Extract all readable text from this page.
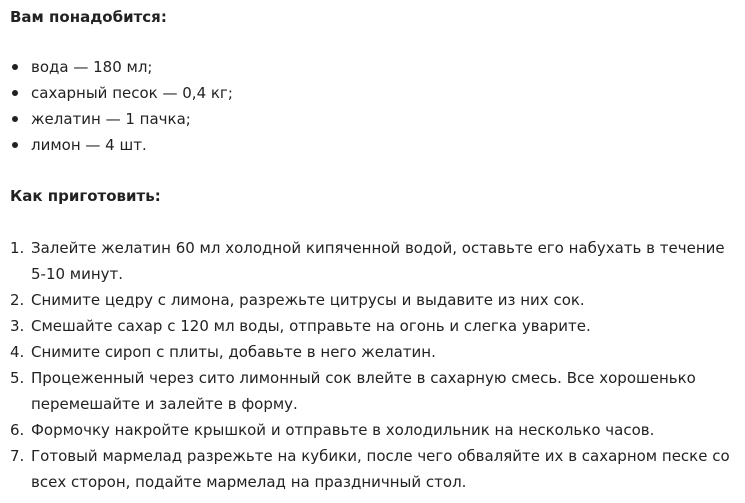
Вам понадобится:
вода — 180 мл;
сахарный песок — 0,4 кг;
желатин — 1 пачка;
лимон — 4 шт.
Как приготовить:
1. Залейте желатин 60 мл холодной кипяченной водой, оставьте его набухать в течение 5-10 минут.
2. Снимите цедру с лимона, разрежьте цитрусы и выдавите из них сок.
3. Смешайте сахар с 120 мл воды, отправьте на огонь и слегка уварите.
4. Снимите сироп с плиты, добавьте в него желатин.
5. Процеженный через сито лимонный сок влейте в сахарную смесь. Все хорошенько перемешайте и залейте в форму.
6. Формочку накройте крышкой и отправьте в холодильник на несколько часов.
7. Готовый мармелад разрежьте на кубики, после чего обваляйте их в сахарном песке со всех сторон, подайте мармелад на праздничный стол.
